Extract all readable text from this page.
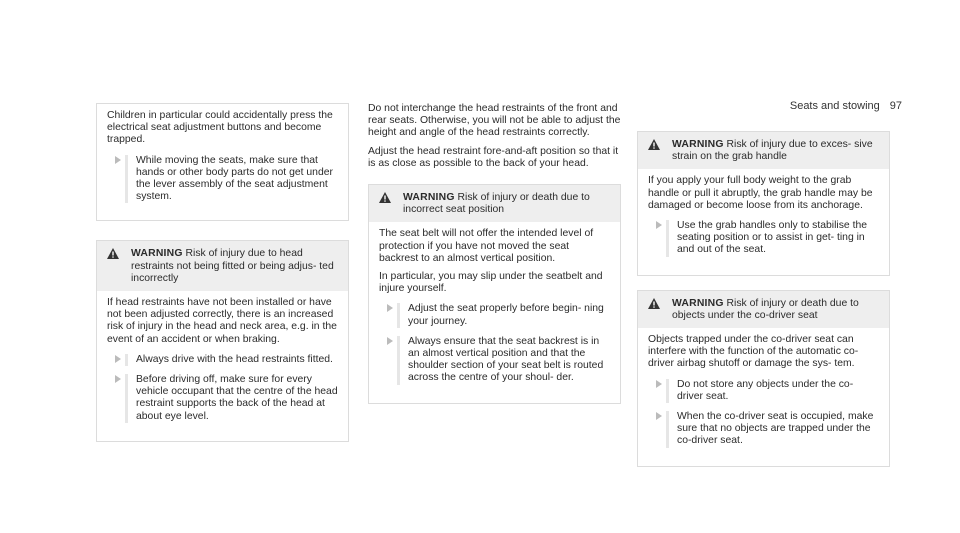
Seats and stowing 97

Children in particular could accidentally press the electrical seat adjustment buttons and become trapped.

While moving the seats, make sure that hands or other body parts do not get under the lever assembly of the seat adjustment system.
WARNING Risk of injury due to head restraints not being fitted or being adjus‐ ted incorrectly

If head restraints have not been installed or have not been adjusted correctly, there is an increased risk of injury in the head and neck area, e.g. in the event of an accident or when braking.

Always drive with the head restraints fitted.
Before driving off, make sure for every vehicle occupant that the centre of the head restraint supports the back of the head at about eye level.

Do not interchange the head restraints of the front and rear seats. Otherwise, you will not be able to adjust the height and angle of the head restraints correctly.

Adjust the head restraint fore-and-aft position so that it is as close as possible to the back of your head.

WARNING Risk of injury or death due to incorrect seat position

The seat belt will not offer the intended level of protection if you have not moved the seat backrest to an almost vertical position.

In particular, you may slip under the seatbelt and injure yourself.

Adjust the seat properly before begin‐ ning your journey.
Always ensure that the seat backrest is in an almost vertical position and that the shoulder section of your seat belt is routed across the centre of your shoul‐ der.
WARNING Risk of injury due to exces‐ sive strain on the grab handle

If you apply your full body weight to the grab handle or pull it abruptly, the grab handle may be damaged or become loose from its anchorage.

Use the grab handles only to stabilise the seating position or to assist in get‐ ting in and out of the seat.
WARNING Risk of injury or death due to objects under the co-driver seat

Objects trapped under the co-driver seat can interfere with the function of the automatic co-driver airbag shutoff or damage the sys‐ tem.

Do not store any objects under the co- driver seat.
When the co-driver seat is occupied, make sure that no objects are trapped under the co-driver seat.
